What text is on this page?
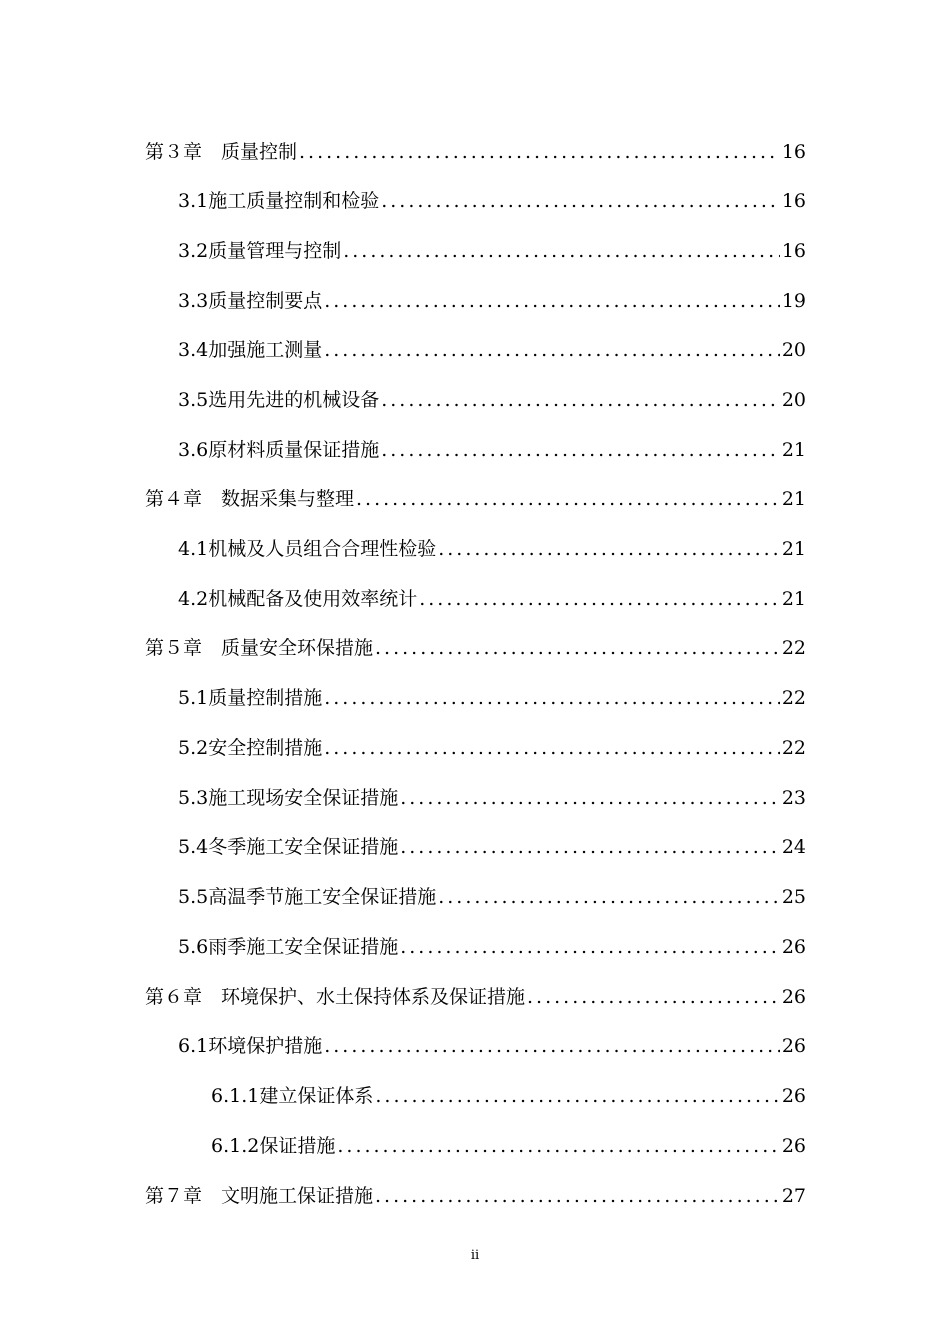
第３章　质量控制 .....	16
3.1施工质量控制和检验 .....	16
3.2质量管理与控制 .....	16
3.3质量控制要点 .....	19
3.4加强施工测量 .....	20
3.5选用先进的机械设备 .....	20
3.6原材料质量保证措施 .....	21
第４章　数据采集与整理 .....	21
4.1机械及人员组合合理性检验 .....	21
4.2机械配备及使用效率统计 .....	21
第５章　质量安全环保措施 .....	22
5.1质量控制措施 .....	22
5.2安全控制措施 .....	22
5.3施工现场安全保证措施 .....	23
5.4冬季施工安全保证措施 .....	24
5.5高温季节施工安全保证措施 .....	25
5.6雨季施工安全保证措施 .....	26
第６章　环境保护、水土保持体系及保证措施 .....	26
6.1环境保护措施 .....	26
6.1.1建立保证体系 .....	26
6.1.2保证措施 .....	26
第７章　文明施工保证措施 .....	27
ii
